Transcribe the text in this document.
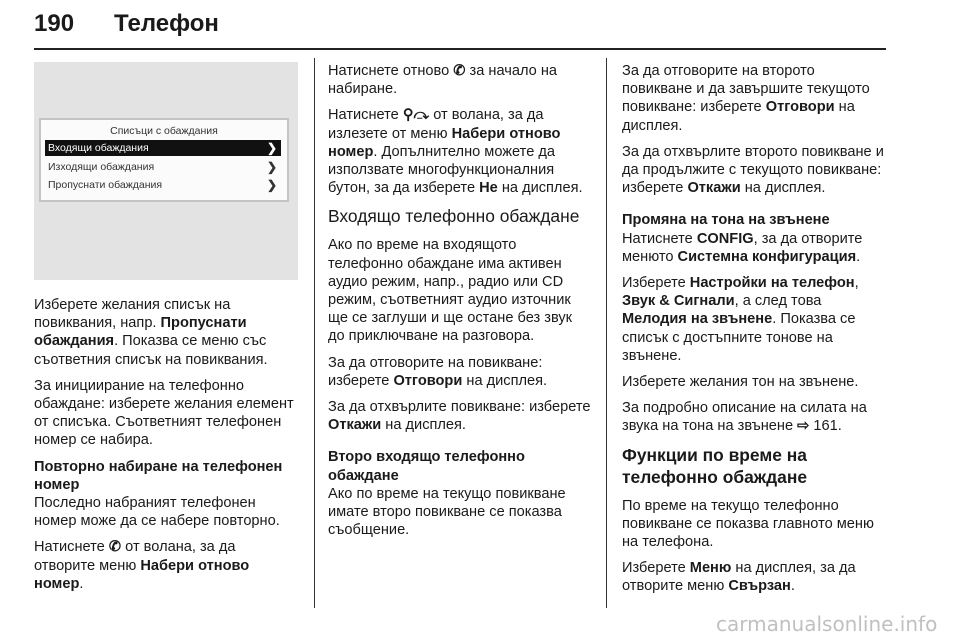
190 Телефон
Списъци с обаждания
Входящи обаждания	❯
Изходящи обаждания	❯
Пропуснати обаждания	❯

Изберете желания списък на повиквания, напр. Пропуснати обаждания. Показва се меню със съответния списък на повиквания.

За инициирание на телефонно обаждане: изберете желания елемент от списъка. Съответният телефонен номер се набира.

Повторно набиране на телефонен номер

Последно набраният телефонен номер може да се набере повторно.

Натиснете ✆ от волана, за да отворите меню Набери отново номер.

Натиснете отново ✆ за начало на набиране.

Натиснете ⚲⤼ от волана, за да излезете от меню Набери отново номер. Допълнително можете да използвате многофункционалния бутон, за да изберете Не на дисплея.

Входящо телефонно обаждане

Ако по време на входящото телефонно обаждане има активен аудио режим, напр., радио или CD режим, съответният аудио източник ще се заглуши и ще остане без звук до приключване на разговора.

За да отговорите на повикване: изберете Отговори на дисплея.

За да отхвърлите повикване: изберете Откажи на дисплея.

Второ входящо телефонно обаждане

Ако по време на текущо повикване имате второ повикване се показва съобщение.

За да отговорите на второто повикване и да завършите текущото повикване: изберете Отговори на дисплея.

За да отхвърлите второто повикване и да продължите с текущото повикване: изберете Откажи на дисплея.

Промяна на тона на звънене

Натиснете CONFIG, за да отворите менюто Системна конфигурация.

Изберете Настройки на телефон, Звук & Сигнали, а след това Мелодия на звънене. Показва се списък с достъпните тонове на звънене.

Изберете желания тон на звънене.

За подробно описание на силата на звука на тона на звънене ⇨ 161.

Функции по време на телефонно обаждане

По време на текущо телефонно повикване се показва главното меню на телефона.

Изберете Меню на дисплея, за да отворите меню Свързан.

carmanualsonline.info
